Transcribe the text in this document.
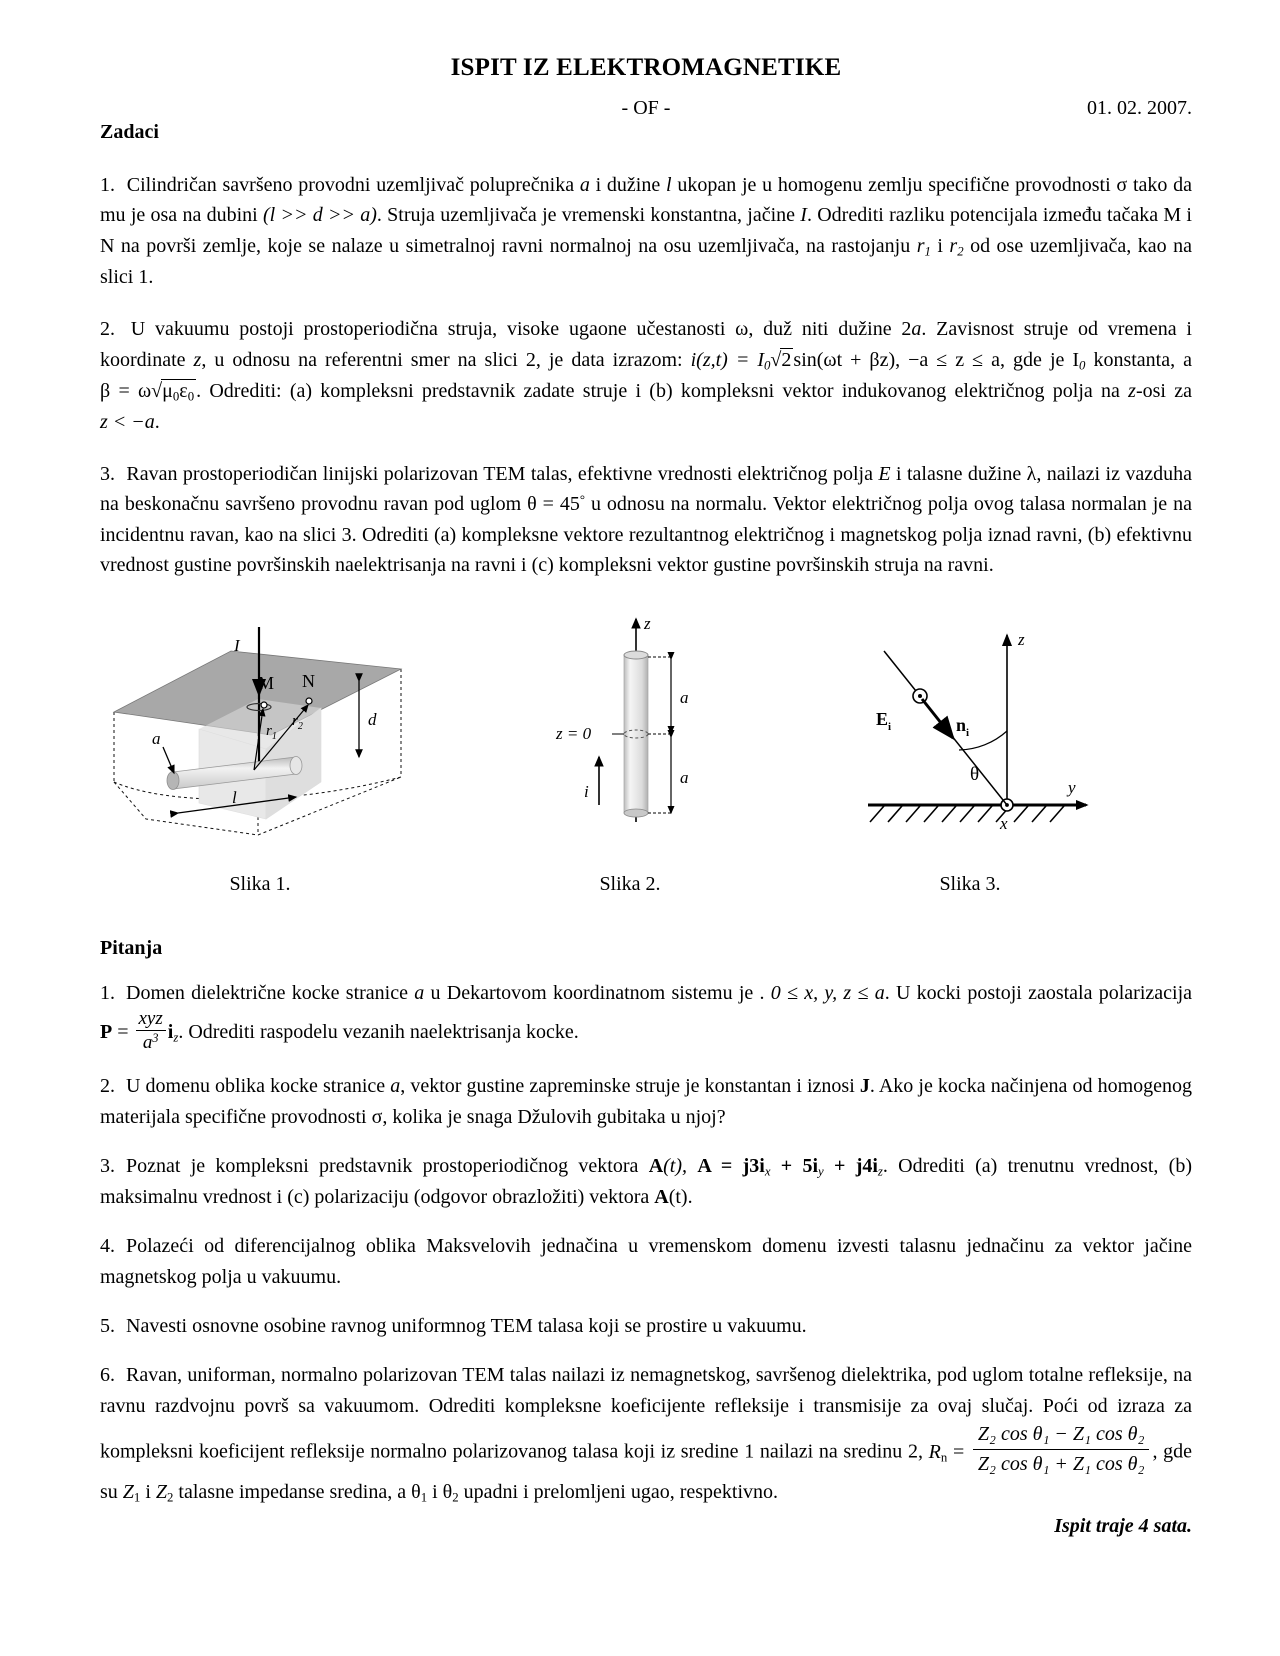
ISPIT IZ ELEKTROMAGNETIKE
- OF -	01. 02. 2007.
Zadaci

1. Cilindričan savršeno provodni uzemljivač poluprečnika a i dužine l ukopan je u homogenu zemlju specifične provodnosti σ tako da mu je osa na dubini (l >> d >> a). Struja uzemljivača je vremenski konstantna, jačine I. Odrediti razliku potencijala između tačaka M i N na površi zemlje, koje se nalaze u simetralnoj ravni normalnoj na osu uzemljivača, na rastojanju $r_1$ i $r_2$ od ose uzemljivača, kao na slici 1.

2. U vakuumu postoji prostoperiodična struja, visoke ugaone učestanosti ω, duž niti dužine 2a. Zavisnost struje od vremena i koordinate z, u odnosu na referentni smer na slici 2, je data izrazom: $i(z,t) = I_0√2$ sin(ωt + βz), −a ≤ z ≤ a, gde je $I_0$ konstanta, a $\beta = \omega√\mu_0\varepsilon_0$ . Odrediti: (a) kompleksni predstavnik zadate struje i (b) kompleksni vektor indukovanog električnog polja na z-osi za z < −a.

3. Ravan prostoperiodičan linijski polarizovan TEM talas, efektivne vrednosti električnog polja E i talasne dužine λ, nailazi iz vazduha na beskonačnu savršeno provodnu ravan pod uglom θ = 45° u odnosu na normalu. Vektor električnog polja ovog talasa normalan je na incidentnu ravan, kao na slici 3. Odrediti (a) kompleksne vektore rezultantnog električnog i magnetskog polja iznad ravni, (b) efektivnu vrednost gustine površinskih naelektrisanja na ravni i (c) kompleksni vektor gustine površinskih struja na ravni.

I
M N
$r_1$
$r_2$	d
a
l
z
z = 0
a
a
i
z
y
x
$E_i$	$n_i$
θ
Slika 1.	Slika 2.	Slika 3.
Pitanja

1. Domen dielektrične kocke stranice a u Dekartovom koordinatnom sistemu je . 0 ≤ x, y, z ≤ a. U kocki postoji zaostala polarizacija $P = \frac{\text{xyz}}{a^3} i_z$. Odrediti raspodelu vezanih naelektrisanja kocke.

2. U domenu oblika kocke stranice a, vektor gustine zapreminske struje je konstantan i iznosi J. Ako je kocka načinjena od homogenog materijala specifične provodnosti σ, kolika je snaga Džulovih gubitaka u njoj?

3. Poznat je kompleksni predstavnik prostoperiodičnog vektora A(t), $A = j3i_x + 5i_y + j4i_z$. Odrediti (a) trenutnu vrednost, (b) maksimalnu vrednost i (c) polarizaciju (odgovor obrazložiti) vektora A(t).

4. Polazeći od diferencijalnog oblika Maksvelovih jednačina u vremenskom domenu izvesti talasnu jednačinu za vektor jačine magnetskog polja u vakuumu.

5. Navesti osnovne osobine ravnog uniformnog TEM talasa koji se prostire u vakuumu.

6. Ravan, uniforman, normalno polarizovan TEM talas nailazi iz nemagnetskog, savršenog dielektrika, pod uglom totalne refleksije, na ravnu razdvojnu površ sa vakuumom. Odrediti kompleksne koeficijente refleksije i transmisije za ovaj slučaj. Poći od izraza za kompleksni koeficijent refleksije normalno polarizovanog talasa koji iz sredine 1 nailazi na sredinu 2, $R_n = \frac{\text{Z₂ cos θ₁ − Z₁ cos θ₂}}{\text{Z₂ cos θ₁ + Z₁ cos θ₂}}$ , gde su $Z_1$ i $Z_2$ talasne impedanse sredina, a $\theta_1$ i $\theta_2$ upadni i prelomljeni ugao, respektivno.

Ispit traje 4 sata.
